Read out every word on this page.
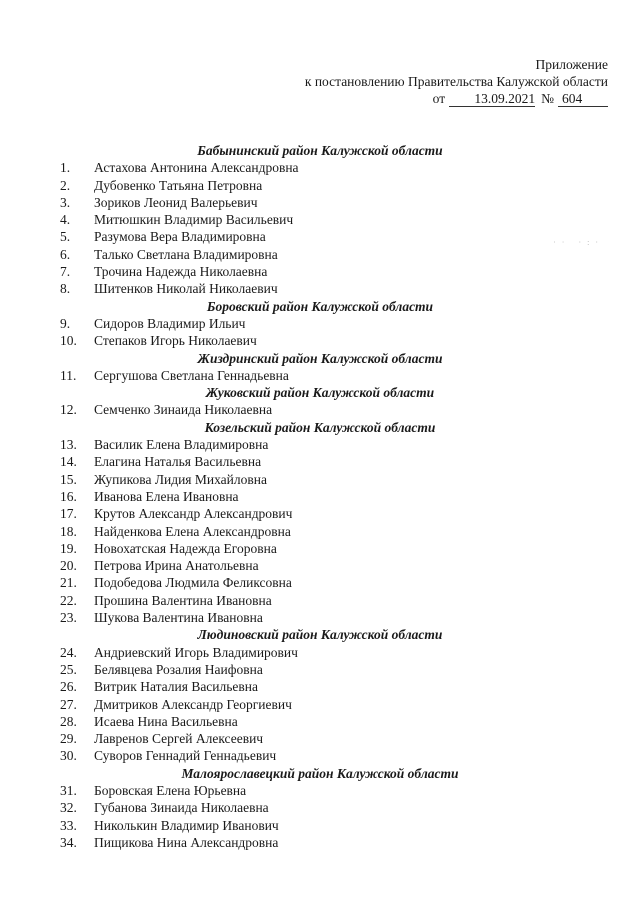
Приложение
к постановлению Правительства Калужской области
от 13.09.2021 № 604
·· ·:·
Бабынинский район Калужской области
1.	Астахова Антонина Александровна
2.	Дубовенко Татьяна Петровна
3.	Зориков Леонид Валерьевич
4.	Митюшкин Владимир Васильевич
5.	Разумова Вера Владимировна
6.	Талько Светлана Владимировна
7.	Трочина Надежда Николаевна
8.	Шитенков Николай Николаевич
Боровский район Калужской области
9.	Сидоров Владимир Ильич
10.	Степаков Игорь Николаевич
Жиздринский район Калужской области
11.	Сергушова Светлана Геннадьевна
Жуковский район Калужской области
12.	Семченко Зинаида Николаевна
Козельский район Калужской области
13.	Василик Елена Владимировна
14.	Елагина Наталья Васильевна
15.	Жупикова Лидия Михайловна
16.	Иванова Елена Ивановна
17.	Крутов Александр Александрович
18.	Найденкова Елена Александровна
19.	Новохатская Надежда Егоровна
20.	Петрова Ирина Анатольевна
21.	Подобедова Людмила Феликсовна
22.	Прошина Валентина Ивановна
23.	Шукова Валентина Ивановна
Людиновский район Калужской области
24.	Андриевский Игорь Владимирович
25.	Белявцева Розалия Наифовна
26.	Витрик Наталия Васильевна
27.	Дмитриков Александр Георгиевич
28.	Исаева Нина Васильевна
29.	Лавренов Сергей Алексеевич
30.	Суворов Геннадий Геннадьевич
Малоярославецкий район Калужской области
31.	Боровская Елена Юрьевна
32.	Губанова Зинаида Николаевна
33.	Николькин Владимир Иванович
34.	Пищикова Нина Александровна
